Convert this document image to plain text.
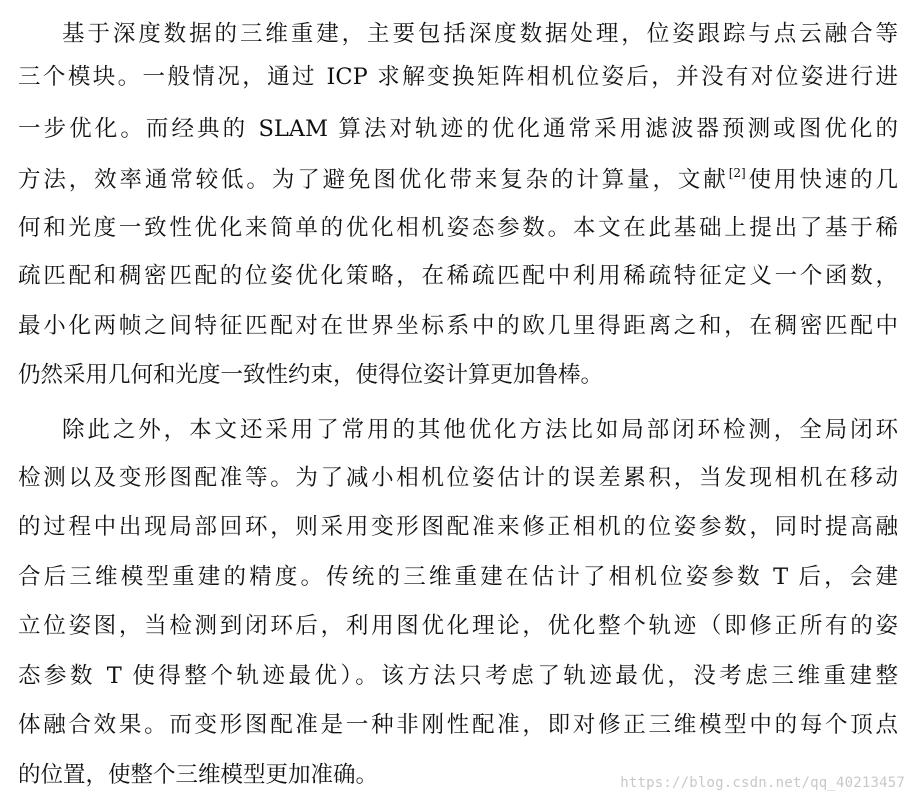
基于深度数据的三维重建，主要包括深度数据处理，位姿跟踪与点云融合等
三个模块。一般情况，通过 ICP 求解变换矩阵相机位姿后，并没有对位姿进行进
一步优化。而经典的 SLAM 算法对轨迹的优化通常采用滤波器预测或图优化的
方法，效率通常较低。为了避免图优化带来复杂的计算量，文献[2]使用快速的几
何和光度一致性优化来简单的优化相机姿态参数。本文在此基础上提出了基于稀
疏匹配和稠密匹配的位姿优化策略，在稀疏匹配中利用稀疏特征定义一个函数，
最小化两帧之间特征匹配对在世界坐标系中的欧几里得距离之和，在稠密匹配中
仍然采用几何和光度一致性约束，使得位姿计算更加鲁棒。
除此之外，本文还采用了常用的其他优化方法比如局部闭环检测，全局闭环
检测以及变形图配准等。为了减小相机位姿估计的误差累积，当发现相机在移动
的过程中出现局部回环，则采用变形图配准来修正相机的位姿参数，同时提高融
合后三维模型重建的精度。传统的三维重建在估计了相机位姿参数 T 后，会建
立位姿图，当检测到闭环后，利用图优化理论，优化整个轨迹（即修正所有的姿
态参数 T 使得整个轨迹最优）。该方法只考虑了轨迹最优，没考虑三维重建整
体融合效果。而变形图配准是一种非刚性配准，即对修正三维模型中的每个顶点
的位置，使整个三维模型更加准确。	https://blog.csdn.net/qq_40213457
